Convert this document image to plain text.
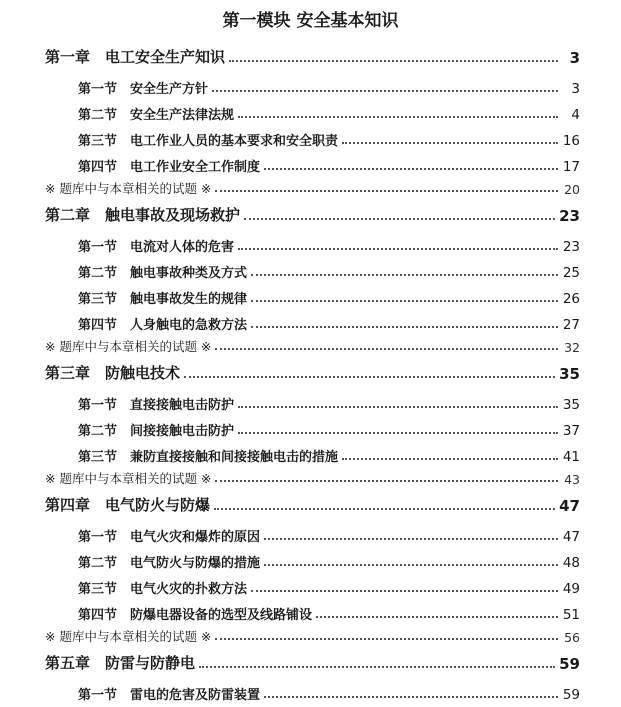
第一模块 安全基本知识
第一章　电工安全生产知识	3
第一节　安全生产方针	3
第二节　安全生产法律法规	4
第三节　电工作业人员的基本要求和安全职责	16
第四节　电工作业安全工作制度	17
※ 题库中与本章相关的试题 ※	20
第二章　触电事故及现场救护	23
第一节　电流对人体的危害	23
第二节　触电事故种类及方式	25
第三节　触电事故发生的规律	26
第四节　人身触电的急救方法	27
※ 题库中与本章相关的试题 ※	32
第三章　防触电技术	35
第一节　直接接触电击防护	35
第二节　间接接触电击防护	37
第三节　兼防直接接触和间接接触电击的措施	41
※ 题库中与本章相关的试题 ※	43
第四章　电气防火与防爆	47
第一节　电气火灾和爆炸的原因	47
第二节　电气防火与防爆的措施	48
第三节　电气火灾的扑救方法	49
第四节　防爆电器设备的选型及线路铺设	51
※ 题库中与本章相关的试题 ※	56
第五章　防雷与防静电	59
第一节　雷电的危害及防雷装置	59
